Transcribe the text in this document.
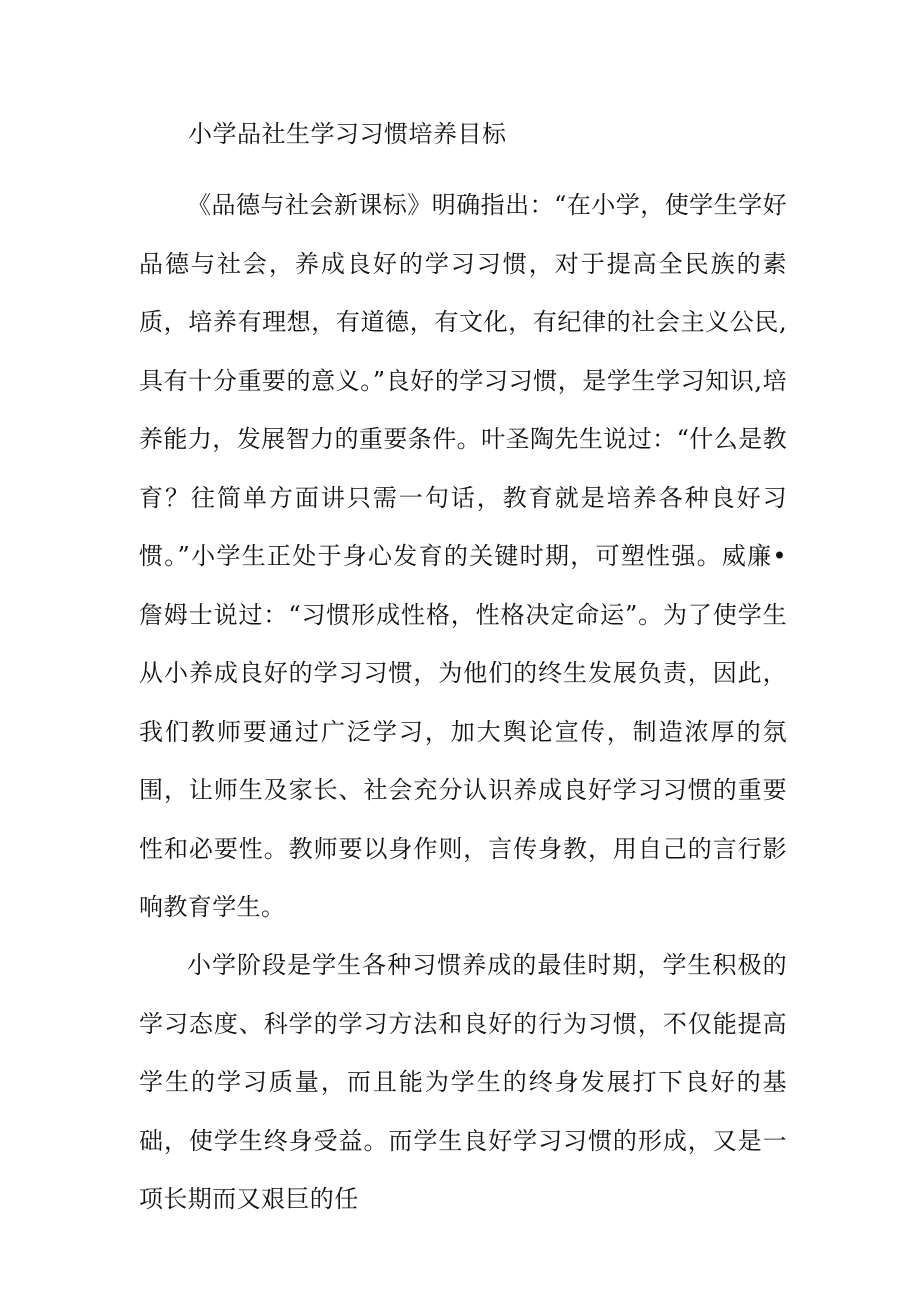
小学品社生学习习惯培养目标

《品德与社会新课标》明确指出：“在小学，使学生学好品德与社会，养成良好的学习习惯，对于提高全民族的素质，培养有理想，有道德，有文化，有纪律的社会主义公民,具有十分重要的意义。”良好的学习习惯，是学生学习知识,培养能力，发展智力的重要条件。叶圣陶先生说过：“什么是教育？往简单方面讲只需一句话，教育就是培养各种良好习惯。”小学生正处于身心发育的关键时期，可塑性强。威廉•詹姆士说过：“习惯形成性格，性格决定命运”。为了使学生从小养成良好的学习习惯，为他们的终生发展负责，因此，我们教师要通过广泛学习，加大舆论宣传，制造浓厚的氛围，让师生及家长、社会充分认识养成良好学习习惯的重要性和必要性。教师要以身作则，言传身教，用自己的言行影响教育学生。

小学阶段是学生各种习惯养成的最佳时期，学生积极的学习态度、科学的学习方法和良好的行为习惯，不仅能提高学生的学习质量，而且能为学生的终身发展打下良好的基础，使学生终身受益。而学生良好学习习惯的形成，又是一项长期而又艰巨的任
